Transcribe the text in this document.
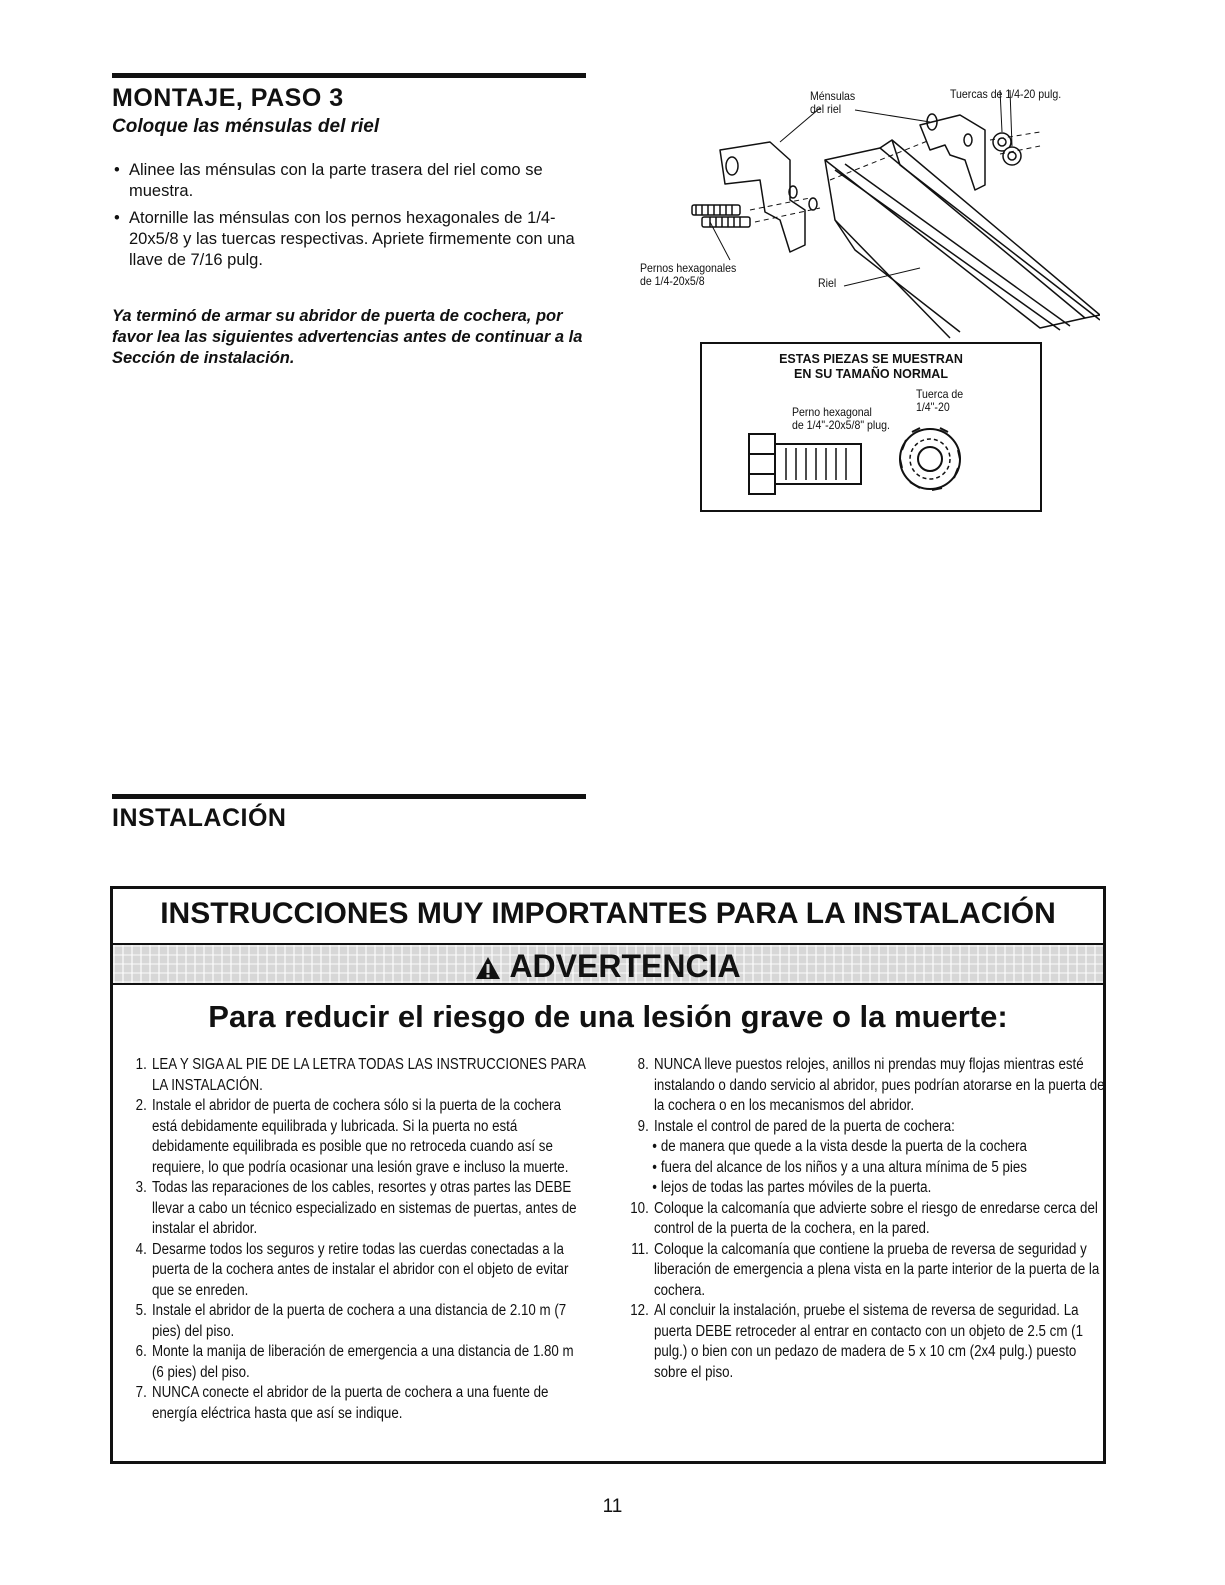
MONTAJE, PASO 3
Coloque las ménsulas del riel
• Alinee las ménsulas con la parte trasera del riel como se muestra.
• Atornille las ménsulas con los pernos hexagonales de 1/4-20x5/8 y las tuercas respectivas. Apriete firmemente con una llave de 7/16 pulg.

Ya terminó de armar su abridor de puerta de cochera, por favor lea las siguientes advertencias antes de continuar a la Sección de instalación.

Ménsulas
del riel
Tuercas de 1/4-20 pulg.
Pernos hexagonales
de 1/4-20x5/8	Riel
ESTAS PIEZAS SE MUESTRAN
EN SU TAMAÑO NORMAL
Perno hexagonal
de 1/4"-20x5/8" plug.
Tuerca de
1/4"-20
INSTALACIÓN
INSTRUCCIONES MUY IMPORTANTES PARA LA INSTALACIÓN
ADVERTENCIA
Para reducir el riesgo de una lesión grave o la muerte:
1. LEA Y SIGA AL PIE DE LA LETRA TODAS LAS INSTRUCCIONES PARA LA INSTALACIÓN.
2. Instale el abridor de puerta de cochera sólo si la puerta de la cochera está debidamente equilibrada y lubricada. Si la puerta no está debidamente equilibrada es posible que no retroceda cuando así se requiere, lo que podría ocasionar una lesión grave e incluso la muerte.
3. Todas las reparaciones de los cables, resortes y otras partes las DEBE llevar a cabo un técnico especializado en sistemas de puertas, antes de instalar el abridor.
4. Desarme todos los seguros y retire todas las cuerdas conectadas a la puerta de la cochera antes de instalar el abridor con el objeto de evitar que se enreden.
5. Instale el abridor de la puerta de cochera a una distancia de 2.10 m (7 pies) del piso.
6. Monte la manija de liberación de emergencia a una distancia de 1.80 m (6 pies) del piso.
7. NUNCA conecte el abridor de la puerta de cochera a una fuente de energía eléctrica hasta que así se indique.
8. NUNCA lleve puestos relojes, anillos ni prendas muy flojas mientras esté instalando o dando servicio al abridor, pues podrían atorarse en la puerta de la cochera o en los mecanismos del abridor.
9. Instale el control de pared de la puerta de cochera:
• de manera que quede a la vista desde la puerta de la cochera
• fuera del alcance de los niños y a una altura mínima de 5 pies
• lejos de todas las partes móviles de la puerta.
10. Coloque la calcomanía que advierte sobre el riesgo de enredarse cerca del control de la puerta de la cochera, en la pared.
11. Coloque la calcomanía que contiene la prueba de reversa de seguridad y liberación de emergencia a plena vista en la parte interior de la puerta de la cochera.
12. Al concluir la instalación, pruebe el sistema de reversa de seguridad. La puerta DEBE retroceder al entrar en contacto con un objeto de 2.5 cm (1 pulg.) o bien con un pedazo de madera de 5 x 10 cm (2x4 pulg.) puesto sobre el piso.
11
